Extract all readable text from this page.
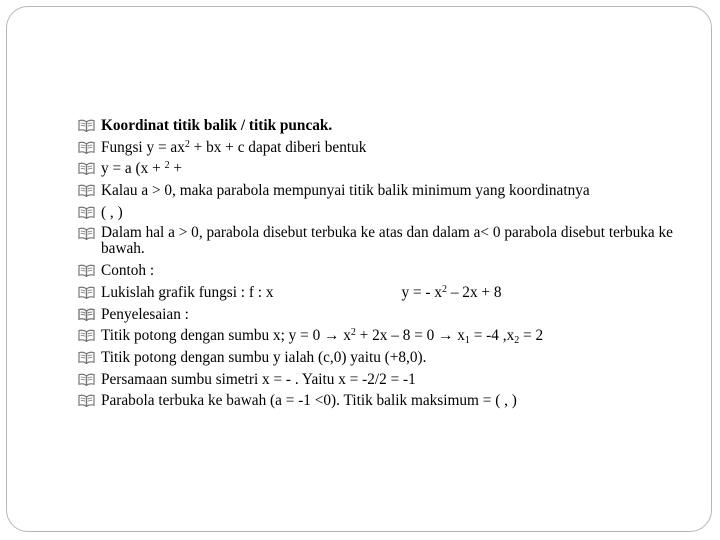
Koordinat titik balik / titik puncak.
Fungsi $y = ax^2$ + bx + c dapat diberi bentuk
y = a (x + $^2$ +
Kalau a > 0, maka parabola mempunyai titik balik minimum yang koordinatnya
( , )
Dalam hal a > 0, parabola disebut terbuka ke atas dan dalam a< 0 parabola disebut terbuka ke bawah.
Contoh :
Lukislah grafik fungsi : f : x	y = - $x^2 - 2x + 8$
Penyelesaian :
Titik potong dengan sumbu x; $y = 0 \to x^2 + 2x - 8 = 0 \to x_1 = -4$ $,x_2 = 2$
Titik potong dengan sumbu y ialah (c,0) yaitu (+8,0).
Persamaan sumbu simetri x = - . Yaitu x = -2/2 = -1
Parabola terbuka ke bawah (a = -1 <0). Titik balik maksimum = ( , )
